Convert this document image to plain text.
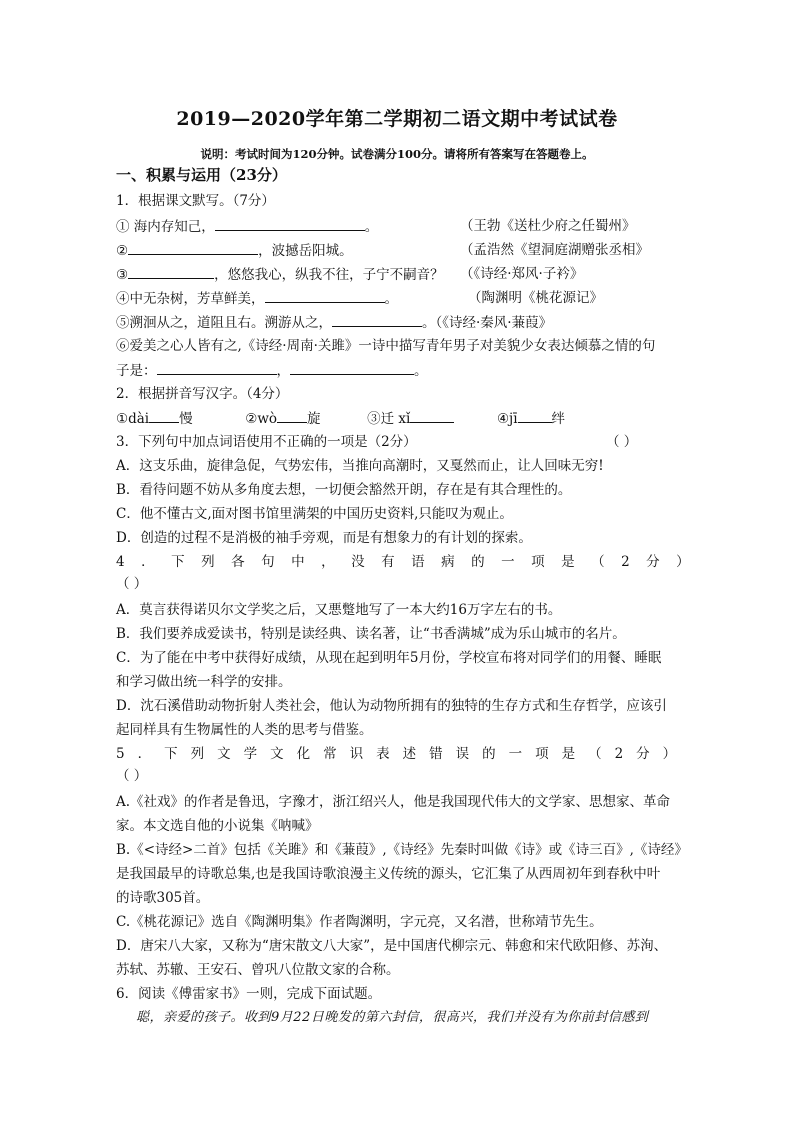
2019—2020学年第二学期初二语文期中考试试卷
说明：考试时间为120分钟。试卷满分100分。请将所有答案写在答题卷上。
一、积累与运用（23分）
1．根据课文默写。（7分）
① 海内存知己，	。	（王勃《送杜少府之任蜀州》
②	，波撼岳阳城。	（孟浩然《望洞庭湖赠张丞相》
③	，悠悠我心，纵我不往，子宁不嗣音？ （《诗经·郑风·子衿》
④中无杂树，芳草鲜美，	。	（陶渊明《桃花源记》
⑤溯洄从之，道阻且右。溯游从之，	。（《诗经·秦风·蒹葭》
⑥爱美之心人皆有之,《诗经·周南·关雎》一诗中描写青年男子对美貌少女表达倾慕之情的句
子是：	，	。
2．根据拼音写汉字。（4分）
①dài 慢	②wò 旋	③迁 xǐ	④jī	绊
3．下列句中加点词语使用不正确的一项是（2分）	（ ）
A．这支乐曲，旋律急促，气势宏伟，当推向高潮时，又戛然而止，让人回味无穷!
B．看待问题不妨从多角度去想，一切便会豁然开朗，存在是有其合理性的。
C．他不懂古文,面对图书馆里满架的中国历史资料,只能叹为观止。
D．创造的过程不是消极的袖手旁观，而是有想象力的有计划的探索。
4．下列各句中，没有语病的一项是（2分）
（ ）
A．莫言获得诺贝尔文学奖之后，又悪蹩地写了一本大约16万字左右的书。
B．我们要养成爱读书，特别是读经典、读名著，让“书香满城”成为乐山城市的名片。
C．为了能在中考中获得好成绩，从现在起到明年5月份，学校宣布将对同学们的用餐、睡眠
和学习做出统一科学的安排。
D．沈石溪借助动物折射人类社会，他认为动物所拥有的独特的生存方式和生存哲学，应该引
起同样具有生物属性的人类的思考与借鉴。
5．下列文学文化常识表述错误的一项是（2分）
（ ）
A.《社戏》的作者是鲁迅，字豫才，浙江绍兴人，他是我国现代伟大的文学家、思想家、革命
家。本文选自他的小说集《呐喊》
B.《<诗经>二首》包括《关雎》和《蒹葭》,《诗经》先秦时叫做《诗》或《诗三百》,《诗经》
是我国最早的诗歌总集,也是我国诗歌浪漫主义传统的源头，它汇集了从西周初年到春秋中叶
的诗歌305首。
C.《桃花源记》选自《陶渊明集》作者陶渊明，字元亮，又名潜，世称靖节先生。
D．唐宋八大家，又称为“唐宋散文八大家”，是中国唐代柳宗元、韩愈和宋代欧阳修、苏洵、
苏轼、苏辙、王安石、曾巩八位散文家的合称。
6．阅读《傅雷家书》一则，完成下面试题。
聪，亲爱的孩子。收到9月22日晚发的第六封信，很高兴，我们并没有为你前封信感到
